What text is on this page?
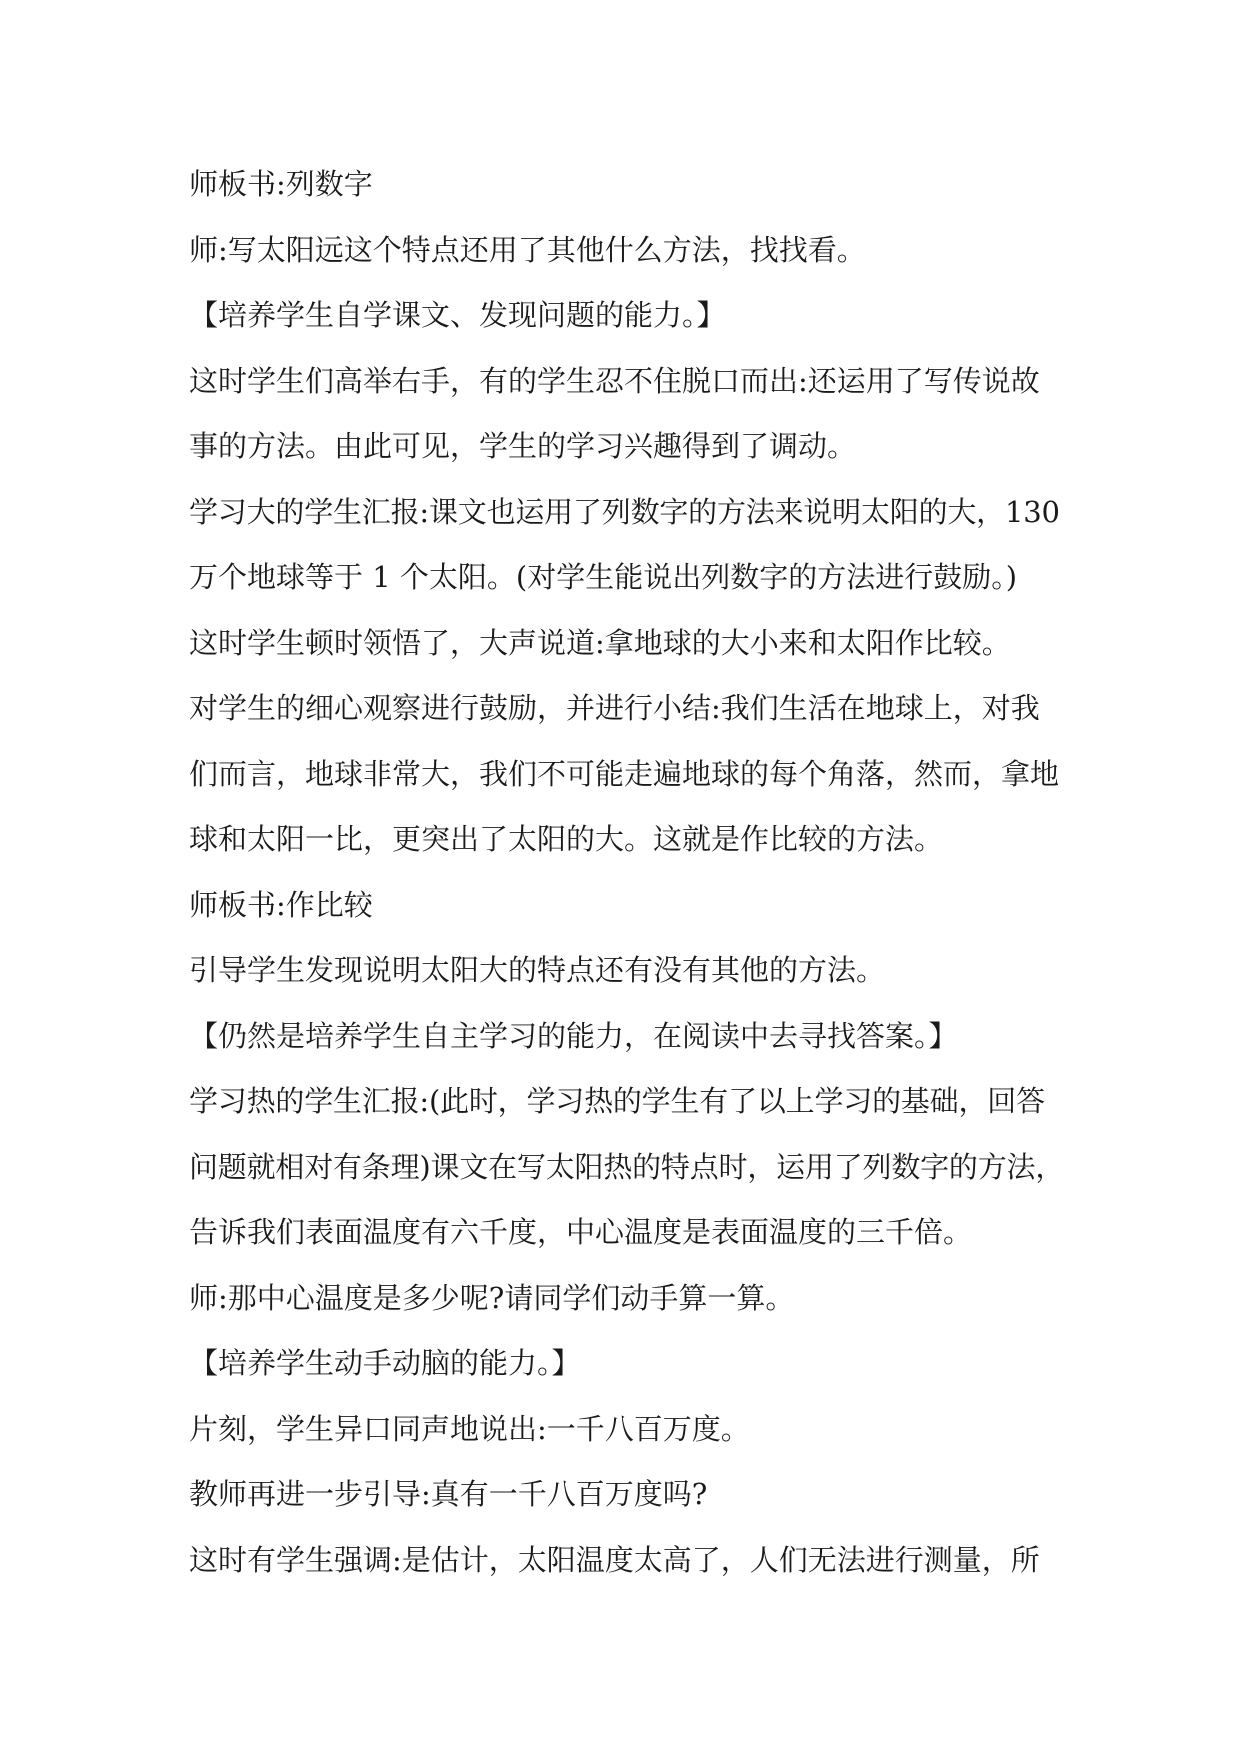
师板书:列数字
师:写太阳远这个特点还用了其他什么方法，找找看。
【培养学生自学课文、发现问题的能力。】
这时学生们高举右手，有的学生忍不住脱口而出:还运用了写传说故
事的方法。由此可见，学生的学习兴趣得到了调动。
学习大的学生汇报:课文也运用了列数字的方法来说明太阳的大，130
万个地球等于 1 个太阳。(对学生能说出列数字的方法进行鼓励。)
这时学生顿时领悟了，大声说道:拿地球的大小来和太阳作比较。
对学生的细心观察进行鼓励，并进行小结:我们生活在地球上，对我
们而言，地球非常大，我们不可能走遍地球的每个角落，然而，拿地
球和太阳一比，更突出了太阳的大。这就是作比较的方法。
师板书:作比较
引导学生发现说明太阳大的特点还有没有其他的方法。
【仍然是培养学生自主学习的能力，在阅读中去寻找答案。】
学习热的学生汇报:(此时，学习热的学生有了以上学习的基础，回答
问题就相对有条理)课文在写太阳热的特点时，运用了列数字的方法，
告诉我们表面温度有六千度，中心温度是表面温度的三千倍。
师:那中心温度是多少呢?请同学们动手算一算。
【培养学生动手动脑的能力。】
片刻，学生异口同声地说出:一千八百万度。
教师再进一步引导:真有一千八百万度吗?
这时有学生强调:是估计，太阳温度太高了，人们无法进行测量，所
